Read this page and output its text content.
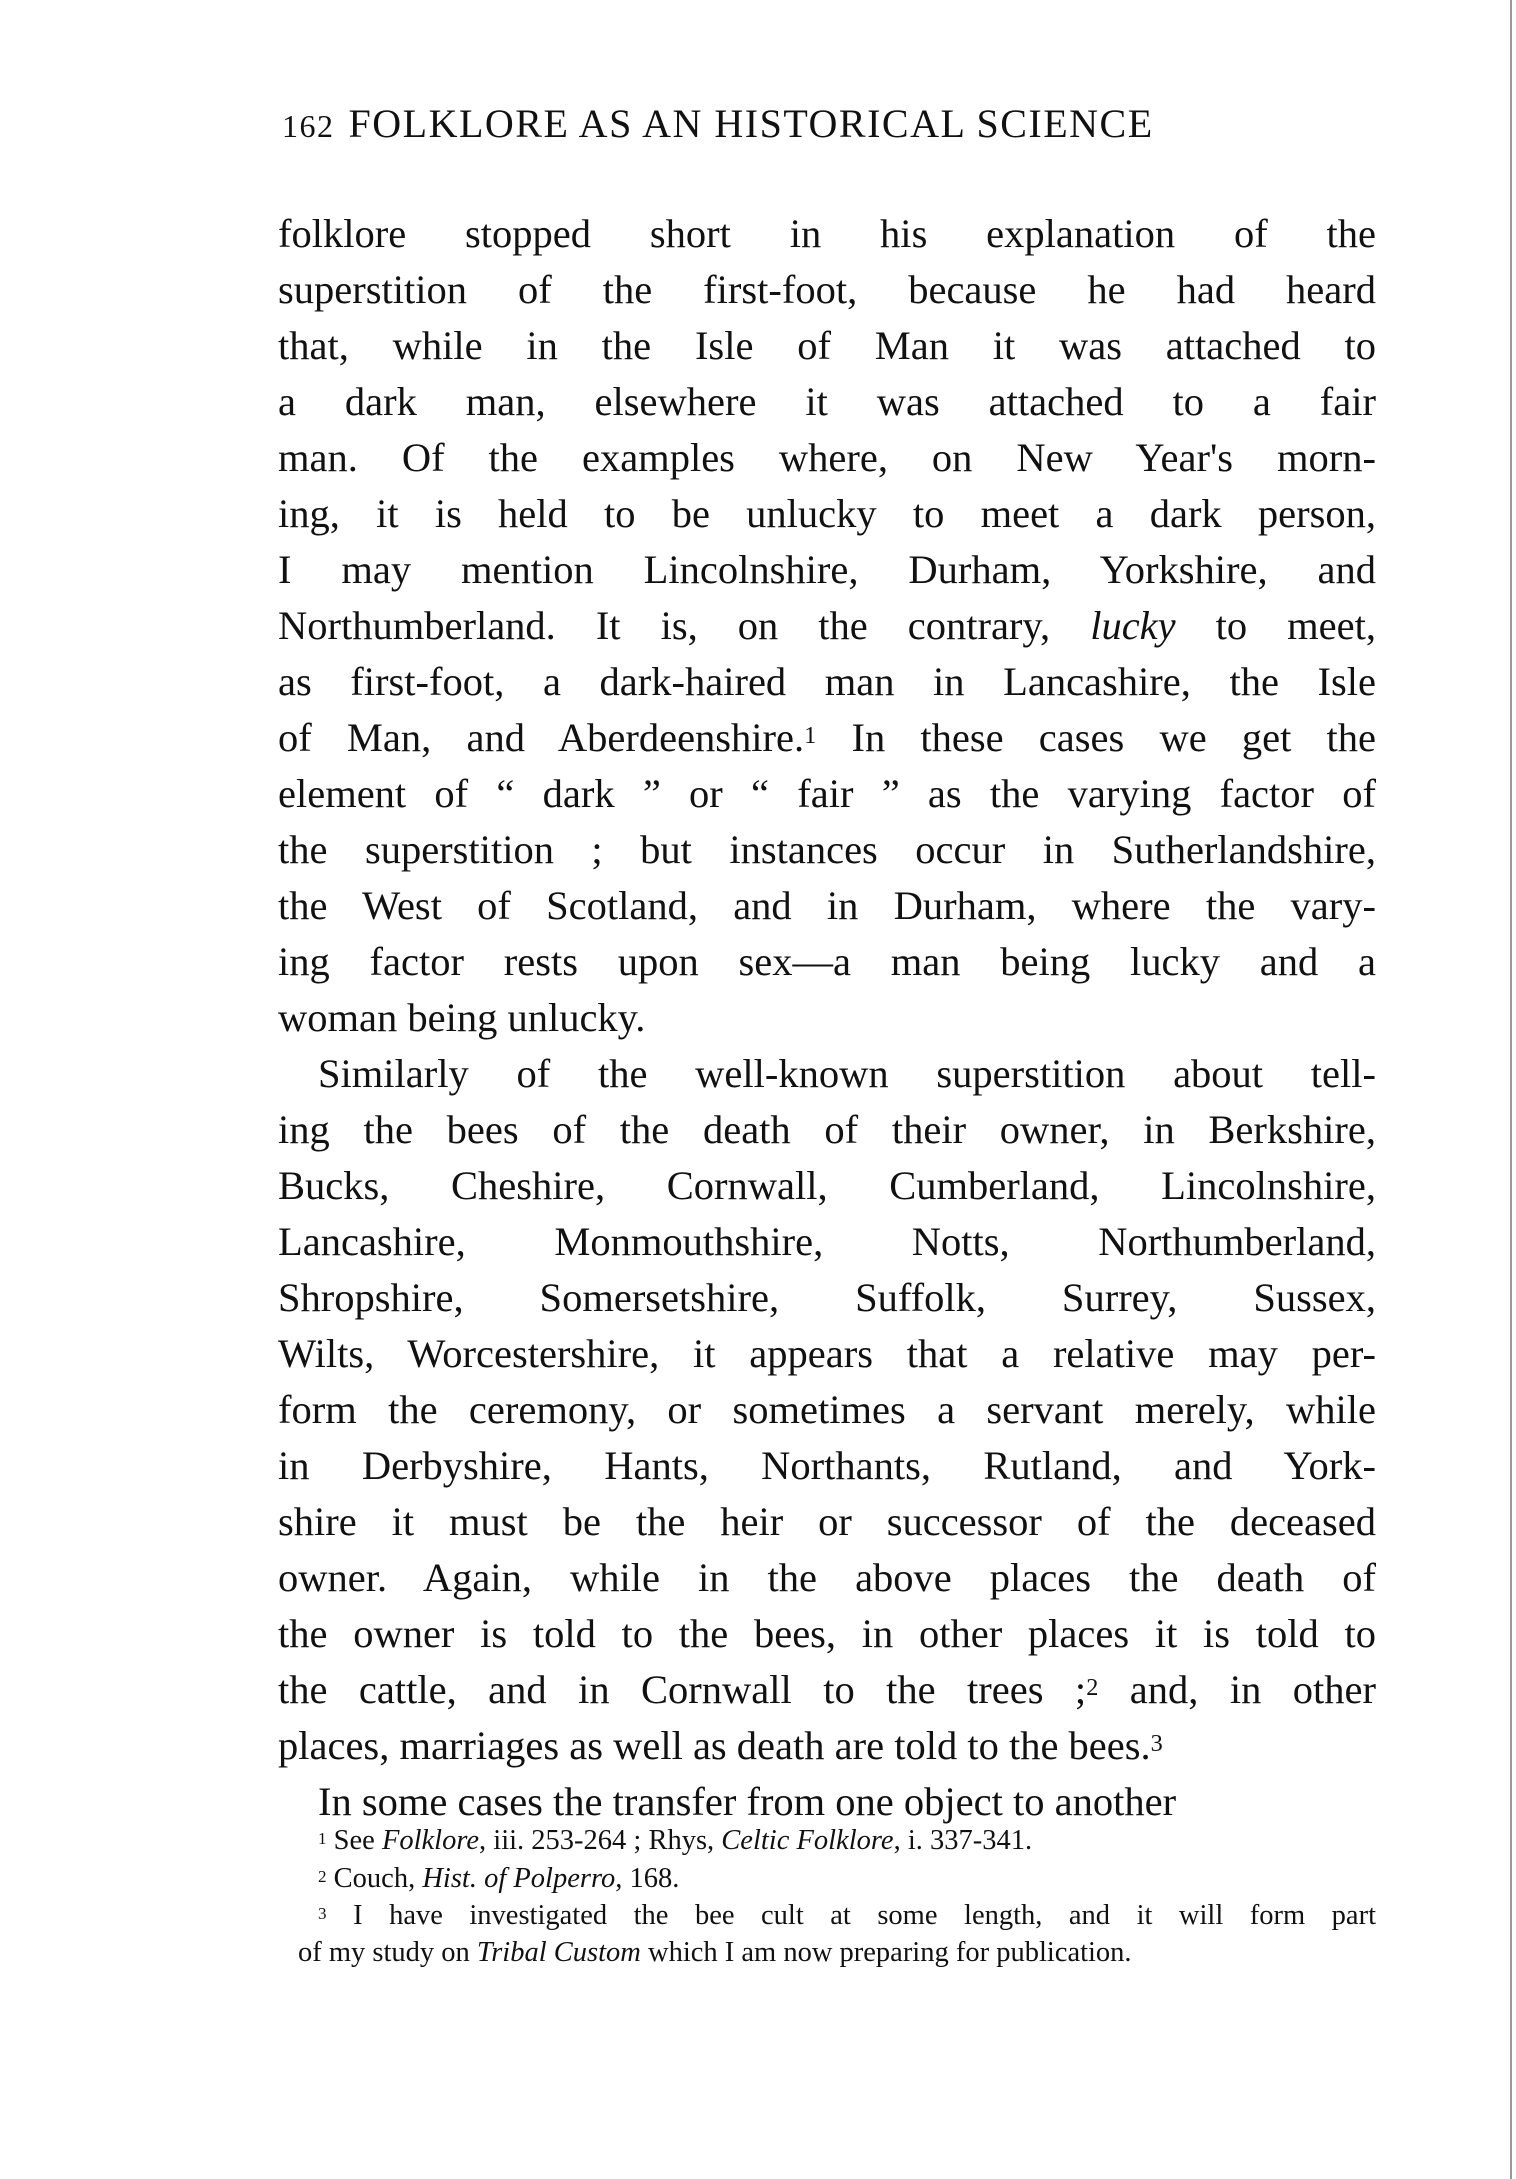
162 FOLKLORE AS AN HISTORICAL SCIENCE
folklore stopped short in his explanation of the
superstition of the first-foot, because he had heard
that, while in the Isle of Man it was attached to
a dark man, elsewhere it was attached to a fair
man. Of the examples where, on New Year's morn-
ing, it is held to be unlucky to meet a dark person,
I may mention Lincolnshire, Durham, Yorkshire, and
Northumberland. It is, on the contrary, lucky to meet,
as first-foot, a dark-haired man in Lancashire, the Isle
of Man, and Aberdeenshire.$^1$ In these cases we get the
element of “ dark ” or “ fair ” as the varying factor of
the superstition ; but instances occur in Sutherlandshire,
the West of Scotland, and in Durham, where the vary-
ing factor rests upon sex—a man being lucky and a
woman being unlucky.
Similarly of the well-known superstition about tell-
ing the bees of the death of their owner, in Berkshire,
Bucks, Cheshire, Cornwall, Cumberland, Lincolnshire,
Lancashire, Monmouthshire, Notts, Northumberland,
Shropshire, Somersetshire, Suffolk, Surrey, Sussex,
Wilts, Worcestershire, it appears that a relative may per-
form the ceremony, or sometimes a servant merely, while
in Derbyshire, Hants, Northants, Rutland, and York-
shire it must be the heir or successor of the deceased
owner. Again, while in the above places the death of
the owner is told to the bees, in other places it is told to
the cattle, and in Cornwall to the trees ;$^2$ and, in other
places, marriages as well as death are told to the bees.$^3$
In some cases the transfer from one object to another
$^1$ See Folklore, iii. 253-264 ; Rhys, Celtic Folklore, i. 337-341.
$^2$ Couch, Hist. of Polperro, 168.
$^3$ I have investigated the bee cult at some length, and it will form part
of my study on Tribal Custom which I am now preparing for publication.
